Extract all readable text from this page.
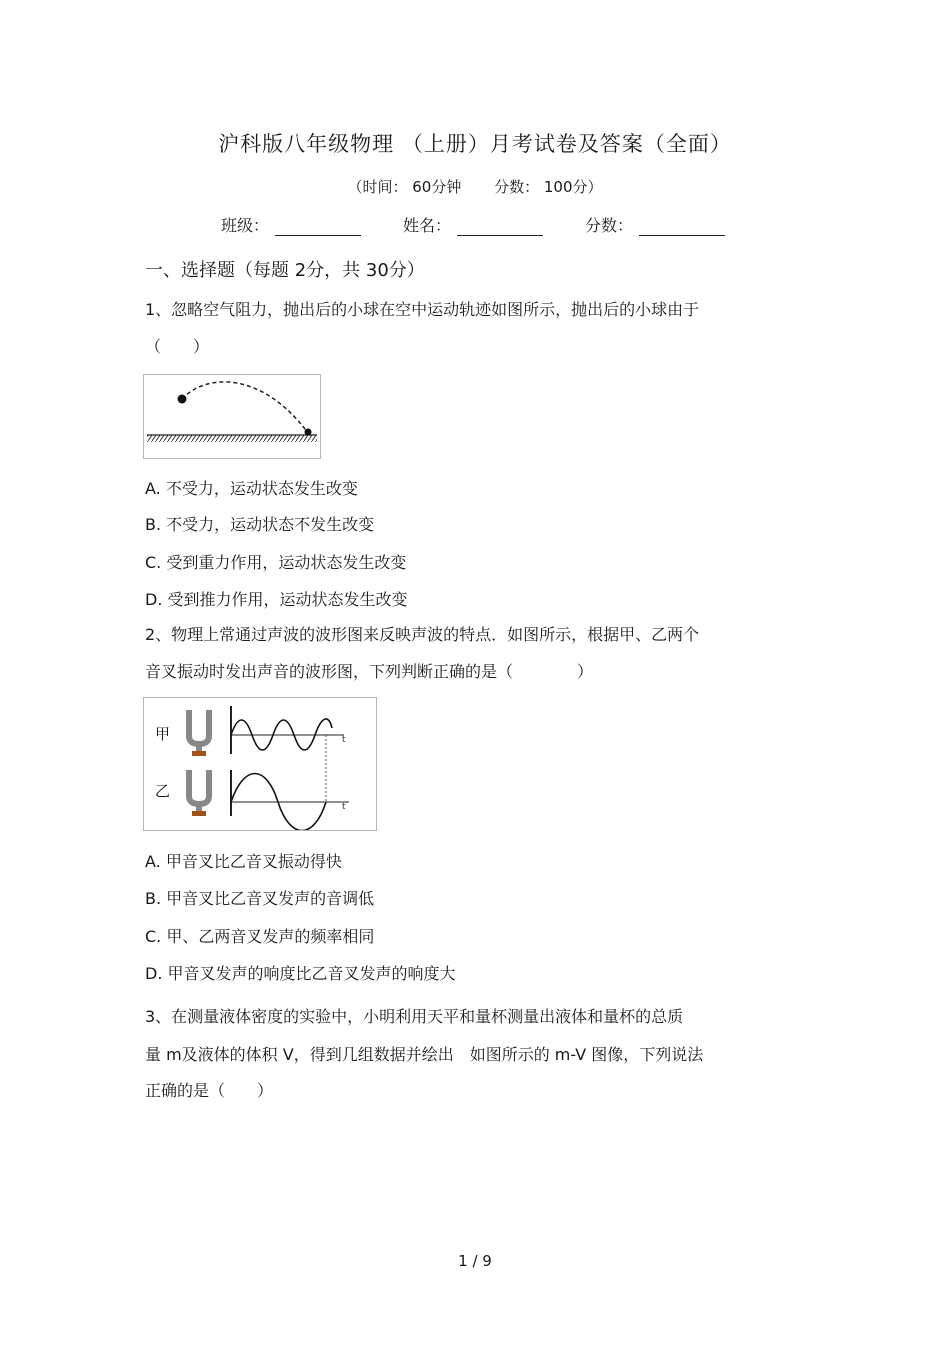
沪科版八年级物理 （上册）月考试卷及答案（全面）
（时间： 60分钟 分数： 100分）
班级：	姓名：	分数：
一、选择题（每题 2分，共 30分）
1、忽略空气阻力，抛出后的小球在空中运动轨迹如图所示，抛出后的小球由于
（　　）
A. 不受力，运动状态发生改变
B. 不受力，运动状态不发生改变
C. 受到重力作用，运动状态发生改变
D. 受到推力作用，运动状态发生改变
2、物理上常通过声波的波形图来反映声波的特点．如图所示，根据甲、乙两个
音叉振动时发出声音的波形图，下列判断正确的是（　　　　）
甲
乙
t
t
A. 甲音叉比乙音叉振动得快
B. 甲音叉比乙音叉发声的音调低
C. 甲、乙两音叉发声的频率相同
D. 甲音叉发声的响度比乙音叉发声的响度大
3、在测量液体密度的实验中，小明利用天平和量杯测量出液体和量杯的总质
量 m及液体的体积 V，得到几组数据并绘出　如图所示的 m-V 图像，下列说法
正确的是（　　）
1 / 9
